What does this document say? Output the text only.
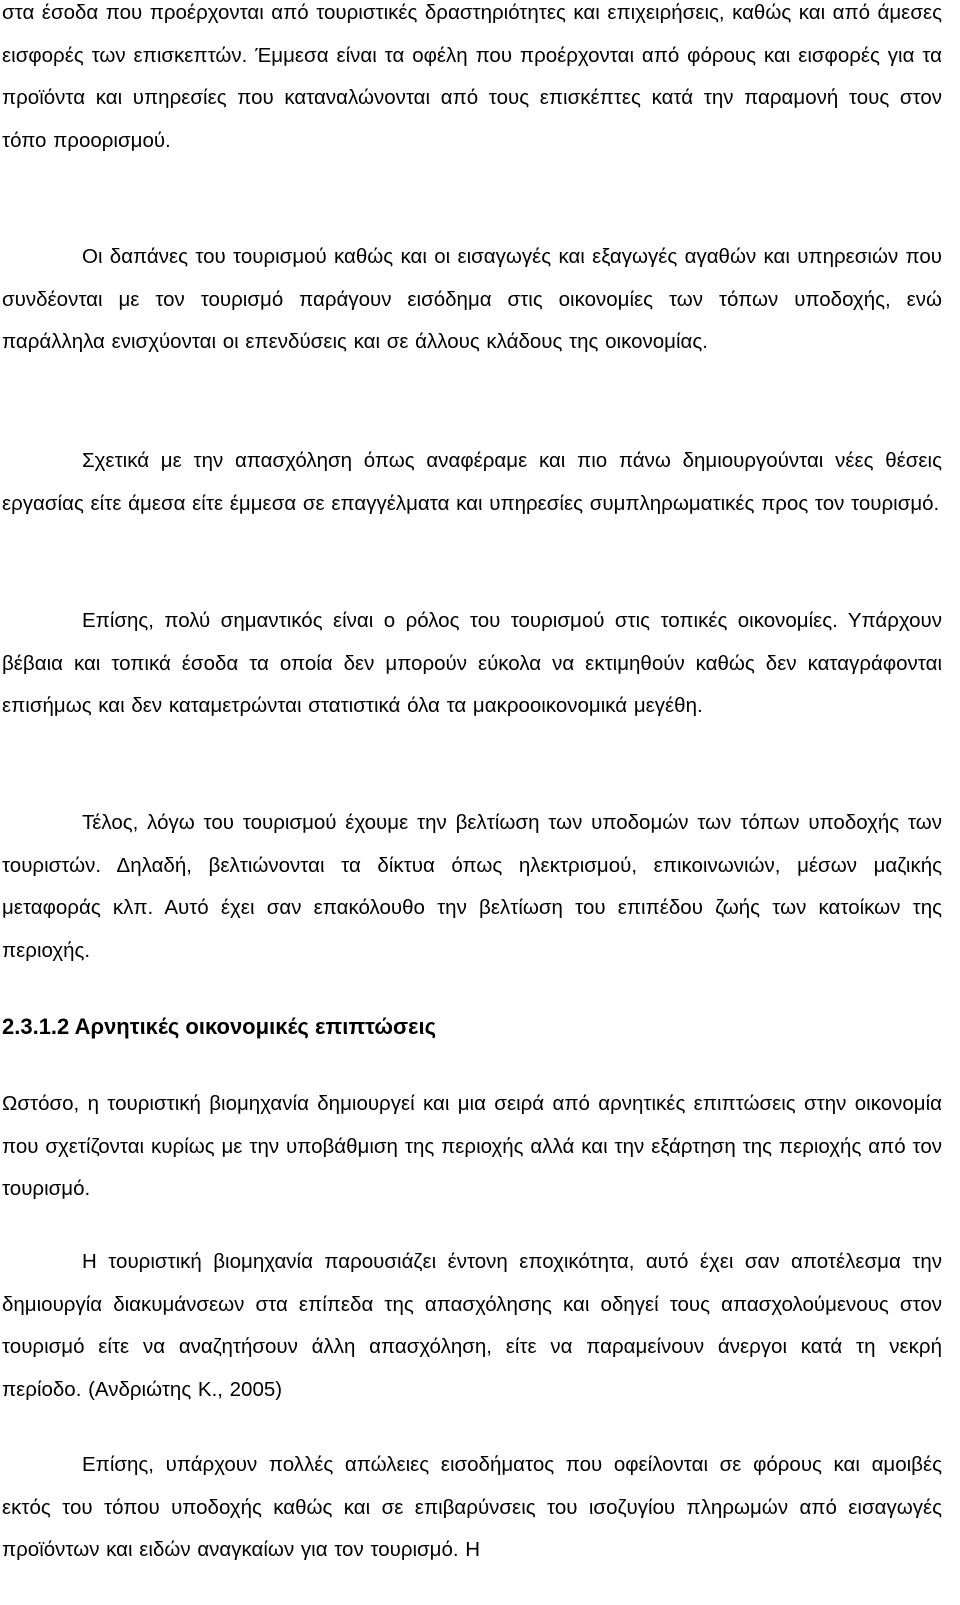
στα έσοδα που προέρχονται από τουριστικές δραστηριότητες και επιχειρήσεις, καθώς και από άμεσες εισφορές των επισκεπτών. Έμμεσα είναι τα οφέλη που προέρχονται από φόρους και εισφορές για τα προϊόντα και υπηρεσίες που καταναλώνονται από τους επισκέπτες κατά την παραμονή τους στον τόπο προορισμού.

Οι δαπάνες του τουρισμού καθώς και οι εισαγωγές και εξαγωγές αγαθών και υπηρεσιών που συνδέονται με τον τουρισμό παράγουν εισόδημα στις οικονομίες των τόπων υποδοχής, ενώ παράλληλα ενισχύονται οι επενδύσεις και σε άλλους κλάδους της οικονομίας.

Σχετικά με την απασχόληση όπως αναφέραμε και πιο πάνω δημιουργούνται νέες θέσεις εργασίας είτε άμεσα είτε έμμεσα σε επαγγέλματα και υπηρεσίες συμπληρωματικές προς τον τουρισμό.

Επίσης, πολύ σημαντικός είναι ο ρόλος του τουρισμού στις τοπικές οικονομίες. Υπάρχουν βέβαια και τοπικά έσοδα τα οποία δεν μπορούν εύκολα να εκτιμηθούν καθώς δεν καταγράφονται επισήμως και δεν καταμετρώνται στατιστικά όλα τα μακροοικονομικά μεγέθη.

Τέλος, λόγω του τουρισμού έχουμε την βελτίωση των υποδομών των τόπων υποδοχής των τουριστών. Δηλαδή, βελτιώνονται τα δίκτυα όπως ηλεκτρισμού, επικοινωνιών, μέσων μαζικής μεταφοράς κλπ. Αυτό έχει σαν επακόλουθο την βελτίωση του επιπέδου ζωής των κατοίκων της περιοχής.

2.3.1.2 Αρνητικές οικονομικές επιπτώσεις

Ωστόσο, η τουριστική βιομηχανία δημιουργεί και μια σειρά από αρνητικές επιπτώσεις στην οικονομία που σχετίζονται κυρίως με την υποβάθμιση της περιοχής αλλά και την εξάρτηση της περιοχής από τον τουρισμό.

Η τουριστική βιομηχανία παρουσιάζει έντονη εποχικότητα, αυτό έχει σαν αποτέλεσμα την δημιουργία διακυμάνσεων στα επίπεδα της απασχόλησης και οδηγεί τους απασχολούμενους στον τουρισμό είτε να αναζητήσουν άλλη απασχόληση, είτε να παραμείνουν άνεργοι κατά τη νεκρή περίοδο. (Ανδριώτης Κ., 2005)

Επίσης, υπάρχουν πολλές απώλειες εισοδήματος που οφείλονται σε φόρους και αμοιβές εκτός του τόπου υποδοχής καθώς και σε επιβαρύνσεις του ισοζυγίου πληρωμών από εισαγωγές προϊόντων και ειδών αναγκαίων για τον τουρισμό. Η
